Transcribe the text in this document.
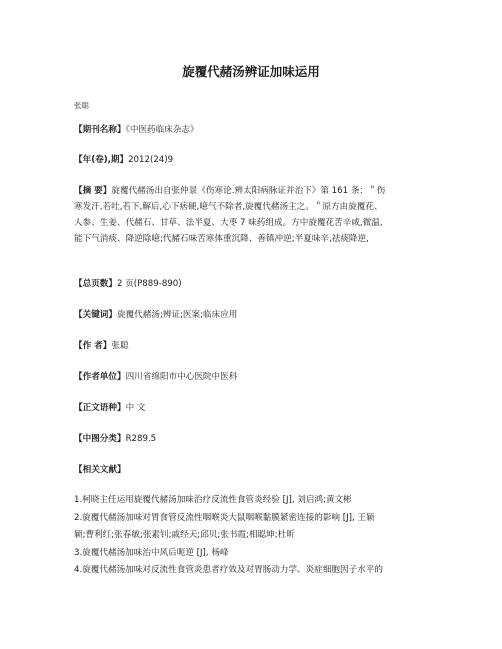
旋覆代赭汤辨证加味运用
张聪
【期刊名称】《中医药临床杂志》
【年(卷),期】2012(24)9
【摘 要】旋覆代赭汤出自张仲景《伤寒论.辨太阳病脉证并治下》第 161 条：＂伤
寒发汗,若吐,若下,解后,心下痞硬,噫气不除者,旋覆代赭汤主之。＂原方由旋覆花、
人参、生姜、代赭石、甘草、法半夏、大枣 7 味药组成。方中旋覆花苦辛咸,微温,
能下气消痰、降逆除噫;代赭石味苦寒体重沉降、善镇冲逆;半夏味辛,祛痰降逆,
【总页数】2 页(P889-890)
【关键词】旋覆代赭汤;辨证;医案;临床应用
【作 者】张聪
【作者单位】四川省绵阳市中心医院中医科
【正文语种】中 文
【中图分类】R289.5
【相关文献】
1.柯晓主任运用旋覆代赭汤加味治疗反流性食管炎经验 [J], 刘启鸿;黄文彬
2.旋覆代赭汤加味对胃食管反流性咽喉炎大鼠咽喉黏膜紧密连接的影响 [J], 王颖
颖;曹利红;张春敏;张素钊;戚经天;邱贝;张书霞;相聪坤;杜昕
3.旋覆代赭汤加味治中风后呃逆 [J], 杨峰
4.旋覆代赭汤加味对反流性食管炎患者疗效及对胃肠动力学、炎症细胞因子水平的
